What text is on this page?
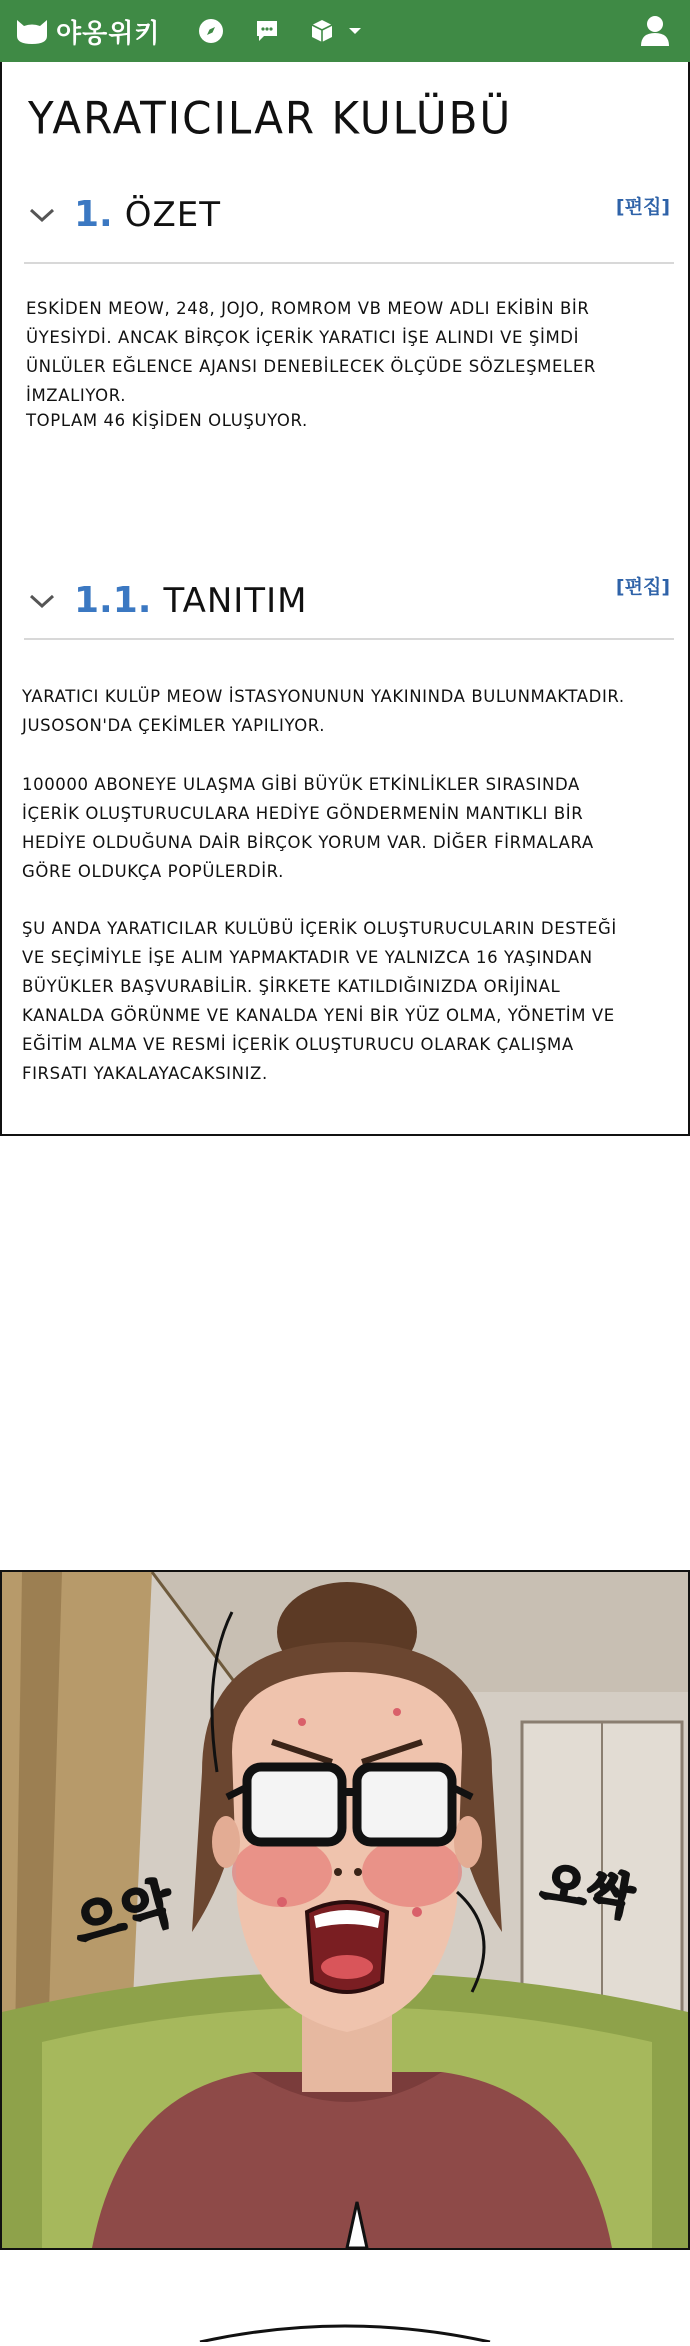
야옹위키
YARATICILAR KULÜBÜ
1. ÖZET	[편집]

ESKİDEN MEOW, 248, JOJO, ROMROM VB MEOW ADLI EKİBİN BİR ÜYESİYDİ. ANCAK BİRÇOK İÇERİK YARATICI İŞE ALINDI VE ŞİMDİ ÜNLÜLER EĞLENCE AJANSI DENEBİLECEK ÖLÇÜDE SÖZLEŞMELER İMZALIYOR.

TOPLAM 46 KİŞİDEN OLUŞUYOR.

1.1. TANITIM	[편집]

YARATICI KULÜP MEOW İSTASYONUNUN YAKININDA BULUNMAKTADIR. JUSOSON'DA ÇEKİMLER YAPILIYOR.

100000 ABONEYE ULAŞMA GİBİ BÜYÜK ETKİNLİKLER SIRASINDA İÇERİK OLUŞTURUCULARA HEDİYE GÖNDERMENİN MANTIKLI BİR HEDİYE OLDUĞUNA DAİR BİRÇOK YORUM VAR. DİĞER FİRMALARA GÖRE OLDUKÇA POPÜLERDİR.

ŞU ANDA YARATICILAR KULÜBÜ İÇERİK OLUŞTURUCULARIN DESTEĞİ VE SEÇİMİYLE İŞE ALIM YAPMAKTADIR VE YALNIZCA 16 YAŞINDAN BÜYÜKLER BAŞVURABİLİR. ŞİRKETE KATILDIĞINIZDA ORİJİNAL KANALDA GÖRÜNME VE KANALDA YENİ BİR YÜZ OLMA, YÖNETİM VE EĞİTİM ALMA VE RESMİ İÇERİK OLUŞTURUCU OLARAK ÇALIŞMA FIRSATI YAKALAYACAKSINIZ.

으악	오싹
